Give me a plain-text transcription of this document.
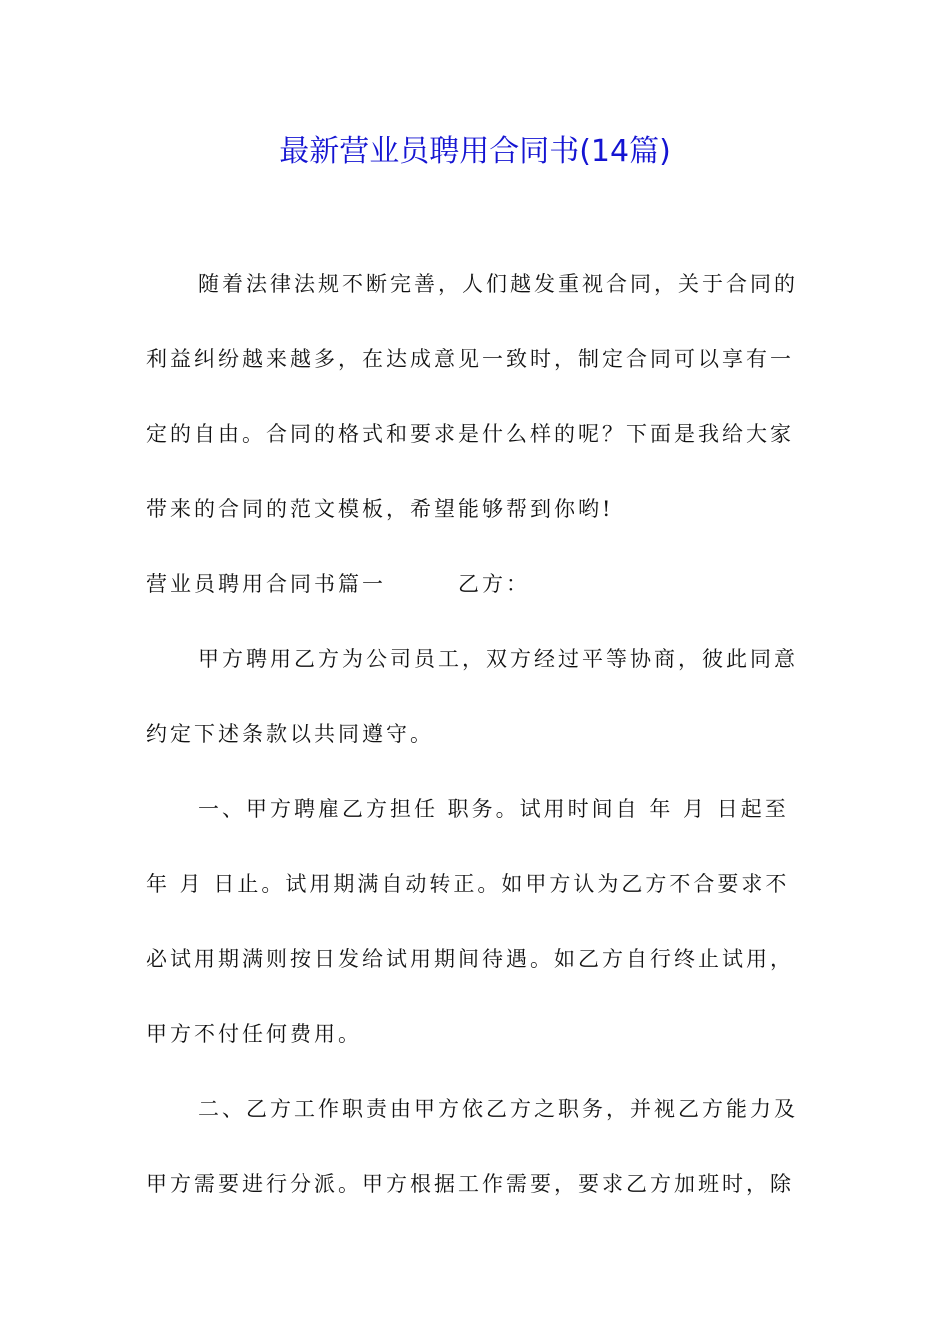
最新营业员聘用合同书(14篇)
随着法律法规不断完善，人们越发重视合同，关于合同的
利益纠纷越来越多，在达成意见一致时，制定合同可以享有一
定的自由。合同的格式和要求是什么样的呢？下面是我给大家
带来的合同的范文模板，希望能够帮到你哟!
营业员聘用合同书篇一　　　乙方：
甲方聘用乙方为公司员工，双方经过平等协商，彼此同意
约定下述条款以共同遵守。
一、甲方聘雇乙方担任 职务。试用时间自 年 月 日起至
年 月 日止。试用期满自动转正。如甲方认为乙方不合要求不
必试用期满则按日发给试用期间待遇。如乙方自行终止试用，
甲方不付任何费用。
二、乙方工作职责由甲方依乙方之职务，并视乙方能力及
甲方需要进行分派。甲方根据工作需要，要求乙方加班时，除
